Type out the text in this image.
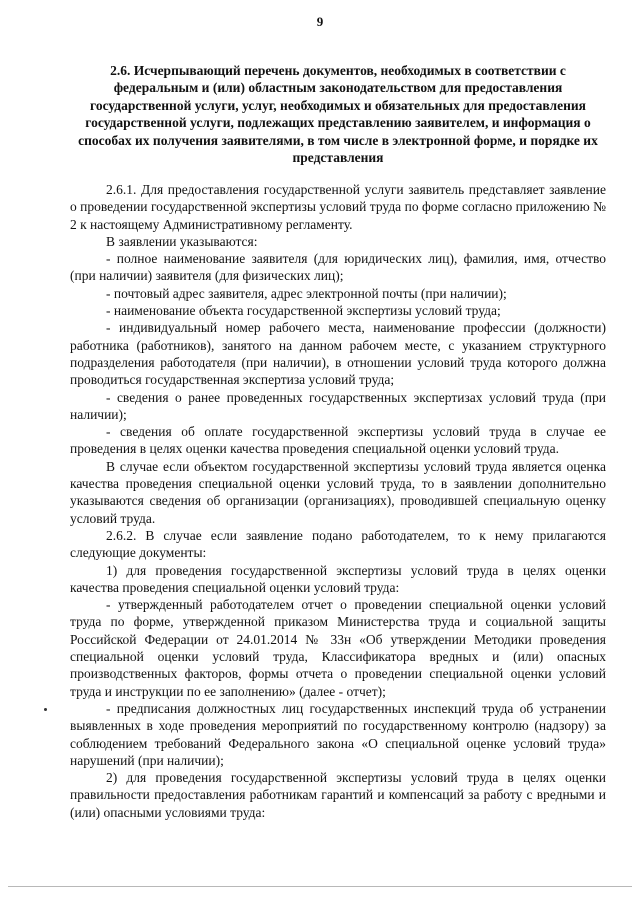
9
2.6. Исчерпывающий перечень документов, необходимых в соответствии с федеральным и (или) областным законодательством для предоставления государственной услуги, услуг, необходимых и обязательных для предоставления государственной услуги, подлежащих представлению заявителем, и информация о способах их получения заявителями, в том числе в электронной форме, и порядке их представления

2.6.1. Для предоставления государственной услуги заявитель представляет заявление о проведении государственной экспертизы условий труда по форме согласно приложению № 2 к настоящему Административному регламенту.

В заявлении указываются:

- полное наименование заявителя (для юридических лиц), фамилия, имя, отчество (при наличии) заявителя (для физических лиц);

- почтовый адрес заявителя, адрес электронной почты (при наличии);

- наименование объекта государственной экспертизы условий труда;

- индивидуальный номер рабочего места, наименование профессии (должности) работника (работников), занятого на данном рабочем месте, с указанием структурного подразделения работодателя (при наличии), в отношении условий труда которого должна проводиться государственная экспертиза условий труда;

- сведения о ранее проведенных государственных экспертизах условий труда (при наличии);

- сведения об оплате государственной экспертизы условий труда в случае ее проведения в целях оценки качества проведения специальной оценки условий труда.

В случае если объектом государственной экспертизы условий труда является оценка качества проведения специальной оценки условий труда, то в заявлении дополнительно указываются сведения об организации (организациях), проводившей специальную оценку условий труда.

2.6.2. В случае если заявление подано работодателем, то к нему прилагаются следующие документы:

1) для проведения государственной экспертизы условий труда в целях оценки качества проведения специальной оценки условий труда:

- утвержденный работодателем отчет о проведении специальной оценки условий труда по форме, утвержденной приказом Министерства труда и социальной защиты Российской Федерации от 24.01.2014 № 33н «Об утверждении Методики проведения специальной оценки условий труда, Классификатора вредных и (или) опасных производственных факторов, формы отчета о проведении специальной оценки условий труда и инструкции по ее заполнению» (далее - отчет);

- предписания должностных лиц государственных инспекций труда об устранении выявленных в ходе проведения мероприятий по государственному контролю (надзору) за соблюдением требований Федерального закона «О специальной оценке условий труда» нарушений (при наличии);

2) для проведения государственной экспертизы условий труда в целях оценки правильности предоставления работникам гарантий и компенсаций за работу с вредными и (или) опасными условиями труда:
